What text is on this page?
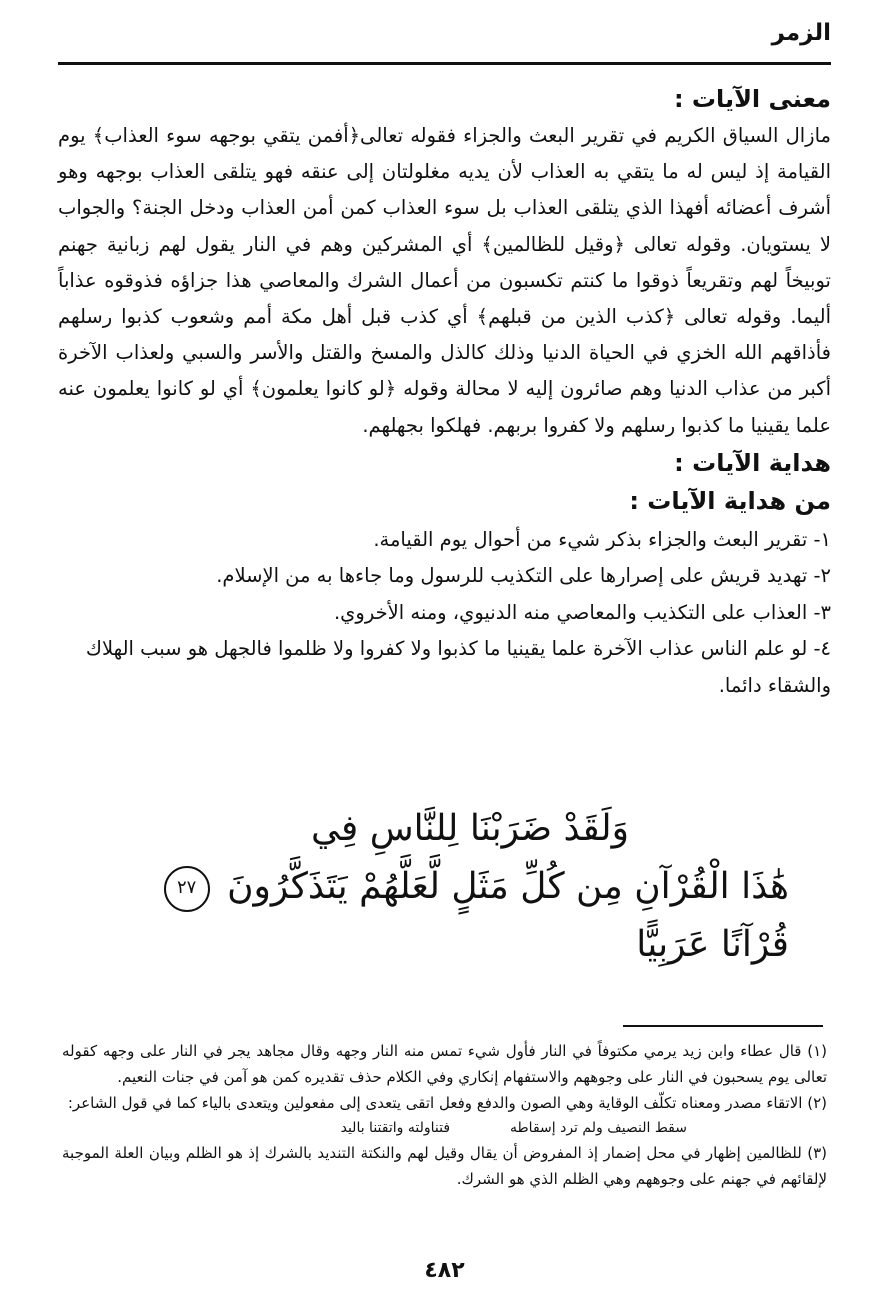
الزمر
معنى الآيات :

مازال السياق الكريم في تقرير البعث والجزاء فقوله تعالى﴿أفمن يتقي بوجهه سوء العذاب﴾ يوم القيامة إذ ليس له ما يتقي به العذاب لأن يديه مغلولتان إلى عنقه فهو يتلقى العذاب بوجهه وهو أشرف أعضائه أفهذا الذي يتلقى العذاب بل سوء العذاب كمن أمن العذاب ودخل الجنة؟ والجواب لا يستويان. وقوله تعالى ﴿وقيل للظالمين﴾ أي المشركين وهم في النار يقول لهم زبانية جهنم توبيخاً لهم وتقريعاً ذوقوا ما كنتم تكسبون من أعمال الشرك والمعاصي هذا جزاؤه فذوقوه عذاباً أليما. وقوله تعالى ﴿كذب الذين من قبلهم﴾ أي كذب قبل أهل مكة أمم وشعوب كذبوا رسلهم فأذاقهم الله الخزي في الحياة الدنيا وذلك كالذل والمسخ والقتل والأسر والسبي ولعذاب الآخرة أكبر من عذاب الدنيا وهم صائرون إليه لا محالة وقوله ﴿لو كانوا يعلمون﴾ أي لو كانوا يعلمون عنه علما يقينيا ما كذبوا رسلهم ولا كفروا بربهم. فهلكوا بجهلهم.

هداية الآيات :
من هداية الآيات :
١- تقرير البعث والجزاء بذكر شيء من أحوال يوم القيامة.
٢- تهديد قريش على إصرارها على التكذيب للرسول وما جاءها به من الإسلام.
٣- العذاب على التكذيب والمعاصي منه الدنيوي، ومنه الأخروي.
٤- لو علم الناس عذاب الآخرة علما يقينيا ما كذبوا ولا كفروا ولا ظلموا فالجهل هو سبب الهلاك والشقاء دائما.
وَلَقَدْ ضَرَبْنَا لِلنَّاسِ فِي
هَٰذَا الْقُرْآنِ مِن كُلِّ مَثَلٍ لَّعَلَّهُمْ يَتَذَكَّرُونَ ٢٧ قُرْآنًا عَرَبِيًّا

(١) قال عطاء وابن زيد يرمي مكتوفاً في النار فأول شيء تمس منه النار وجهه وقال مجاهد يجر في النار على وجهه كقوله تعالى يوم يسحبون في النار على وجوههم والاستفهام إنكاري وفي الكلام حذف تقديره كمن هو آمن في جنات النعيم.

(٢) الاتقاء مصدر ومعناه تكلّف الوقاية وهي الصون والدفع وفعل اتقى يتعدى إلى مفعولين ويتعدى بالياء كما في قول الشاعر:

سقط النصيف ولم ترد إسقاطه
فتناولته واتقتنا باليد

(٣) للظالمين إظهار في محل إضمار إذ المفروض أن يقال وقيل لهم والنكتة التنديد بالشرك إذ هو الظلم وبيان العلة الموجبة لإلقائهم في جهنم على وجوههم وهي الظلم الذي هو الشرك.

٤٨٢
